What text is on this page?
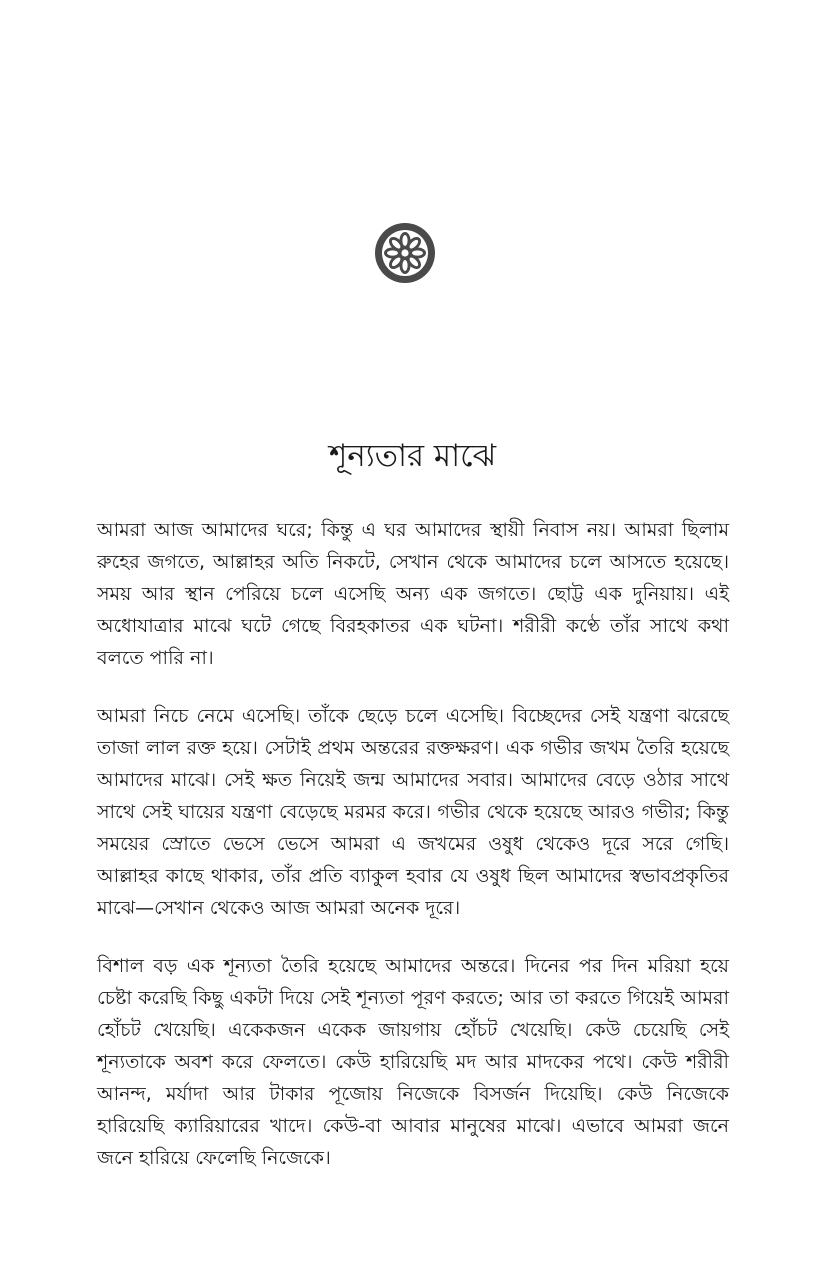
শূন্যতার মাঝে

আমরা আজ আমাদের ঘরে; কিন্তু এ ঘর আমাদের স্থায়ী নিবাস নয়। আমরা ছিলাম রুহের জগতে, আল্লাহর অতি নিকটে, সেখান থেকে আমাদের চলে আসতে হয়েছে। সময় আর স্থান পেরিয়ে চলে এসেছি অন্য এক জগতে। ছোট্ট এক দুনিয়ায়। এই অধোযাত্রার মাঝে ঘটে গেছে বিরহকাতর এক ঘটনা। শরীরী কণ্ঠে তাঁর সাথে কথা বলতে পারি না।

আমরা নিচে নেমে এসেছি। তাঁকে ছেড়ে চলে এসেছি। বিচ্ছেদের সেই যন্ত্রণা ঝরেছে তাজা লাল রক্ত হয়ে। সেটাই প্রথম অন্তরের রক্তক্ষরণ। এক গভীর জখম তৈরি হয়েছে আমাদের মাঝে। সেই ক্ষত নিয়েই জন্ম আমাদের সবার। আমাদের বেড়ে ওঠার সাথে সাথে সেই ঘায়ের যন্ত্রণা বেড়েছে মরমর করে। গভীর থেকে হয়েছে আরও গভীর; কিন্তু সময়ের স্রোতে ভেসে ভেসে আমরা এ জখমের ওষুধ থেকেও দূরে সরে গেছি। আল্লাহর কাছে থাকার, তাঁর প্রতি ব্যাকুল হবার যে ওষুধ ছিল আমাদের স্বভাবপ্রকৃতির মাঝে—সেখান থেকেও আজ আমরা অনেক দূরে।

বিশাল বড় এক শূন্যতা তৈরি হয়েছে আমাদের অন্তরে। দিনের পর দিন মরিয়া হয়ে চেষ্টা করেছি কিছু একটা দিয়ে সেই শূন্যতা পূরণ করতে; আর তা করতে গিয়েই আমরা হোঁচট খেয়েছি। একেকজন একেক জায়গায় হোঁচট খেয়েছি। কেউ চেয়েছি সেই শূন্যতাকে অবশ করে ফেলতে। কেউ হারিয়েছি মদ আর মাদকের পথে। কেউ শরীরী আনন্দ, মর্যাদা আর টাকার পূজোয় নিজেকে বিসর্জন দিয়েছি। কেউ নিজেকে হারিয়েছি ক্যারিয়ারের খাদে। কেউ-বা আবার মানুষের মাঝে। এভাবে আমরা জনে জনে হারিয়ে ফেলেছি নিজেকে।
